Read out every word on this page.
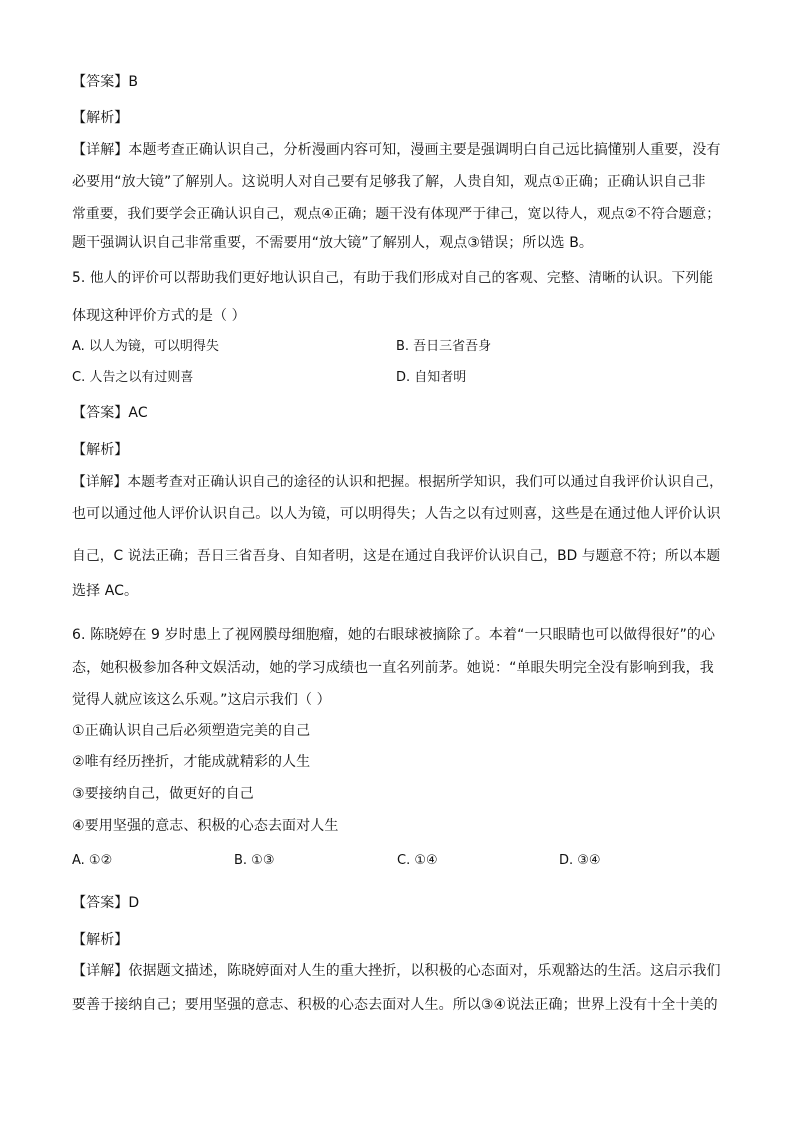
【答案】B
【解析】
【详解】本题考查正确认识自己，分析漫画内容可知，漫画主要是强调明白自己远比搞懂别人重要，没有
必要用“放大镜”了解别人。这说明人对自己要有足够我了解，人贵自知，观点①正确；正确认识自己非
常重要，我们要学会正确认识自己，观点④正确；题干没有体现严于律己，宽以待人，观点②不符合题意；
题干强调认识自己非常重要，不需要用“放大镜”了解别人，观点③错误；所以选 B。
5. 他人的评价可以帮助我们更好地认识自己，有助于我们形成对自己的客观、完整、清晰的认识。下列能
体现这种评价方式的是（ ）
A. 以人为镜，可以明得失	B. 吾日三省吾身
C. 人告之以有过则喜	D. 自知者明
【答案】AC
【解析】
【详解】本题考查对正确认识自己的途径的认识和把握。根据所学知识，我们可以通过自我评价认识自己，
也可以通过他人评价认识自己。以人为镜，可以明得失；人告之以有过则喜，这些是在通过他人评价认识
自己，C 说法正确；吾日三省吾身、自知者明，这是在通过自我评价认识自己，BD 与题意不符；所以本题
选择 AC。
6. 陈晓婷在 9 岁时患上了视网膜母细胞瘤，她的右眼球被摘除了。本着“一只眼睛也可以做得很好”的心
态，她积极参加各种文娱活动，她的学习成绩也一直名列前茅。她说：“单眼失明完全没有影响到我，我
觉得人就应该这么乐观。”这启示我们（ ）
①正确认识自己后必须塑造完美的自己
②唯有经历挫折，才能成就精彩的人生
③要接纳自己，做更好的自己
④要用坚强的意志、积极的心态去面对人生
A. ①②	B. ①③	C. ①④	D. ③④
【答案】D
【解析】
【详解】依据题文描述，陈晓婷面对人生的重大挫折，以积极的心态面对，乐观豁达的生活。这启示我们
要善于接纳自己；要用坚强的意志、积极的心态去面对人生。所以③④说法正确；世界上没有十全十美的
